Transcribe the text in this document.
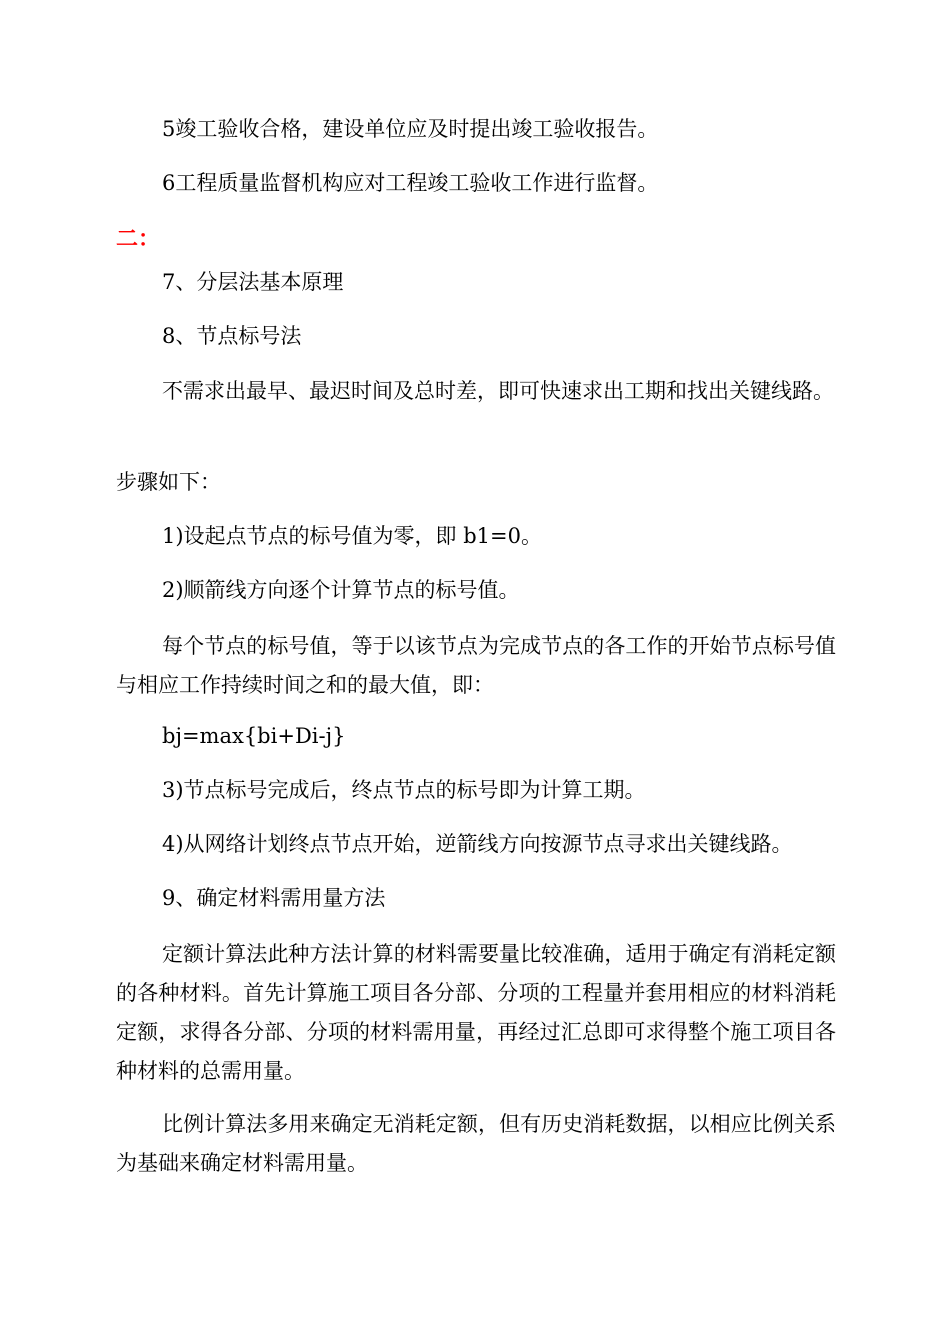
5竣工验收合格，建设单位应及时提出竣工验收报告。

6工程质量监督机构应对工程竣工验收工作进行监督。

二：

7、分层法基本原理

8、节点标号法

不需求出最早、最迟时间及总时差，即可快速求出工期和找出关键线路。

步骤如下：

1)设起点节点的标号值为零，即 b1=0。

2)顺箭线方向逐个计算节点的标号值。

每个节点的标号值，等于以该节点为完成节点的各工作的开始节点标号值与相应工作持续时间之和的最大值，即：

bj=max{bi+Di-j}

3)节点标号完成后，终点节点的标号即为计算工期。

4)从网络计划终点节点开始，逆箭线方向按源节点寻求出关键线路。

9、确定材料需用量方法

定额计算法此种方法计算的材料需要量比较准确，适用于确定有消耗定额的各种材料。首先计算施工项目各分部、分项的工程量并套用相应的材料消耗定额，求得各分部、分项的材料需用量，再经过汇总即可求得整个施工项目各种材料的总需用量。

比例计算法多用来确定无消耗定额，但有历史消耗数据，以相应比例关系为基础来确定材料需用量。
